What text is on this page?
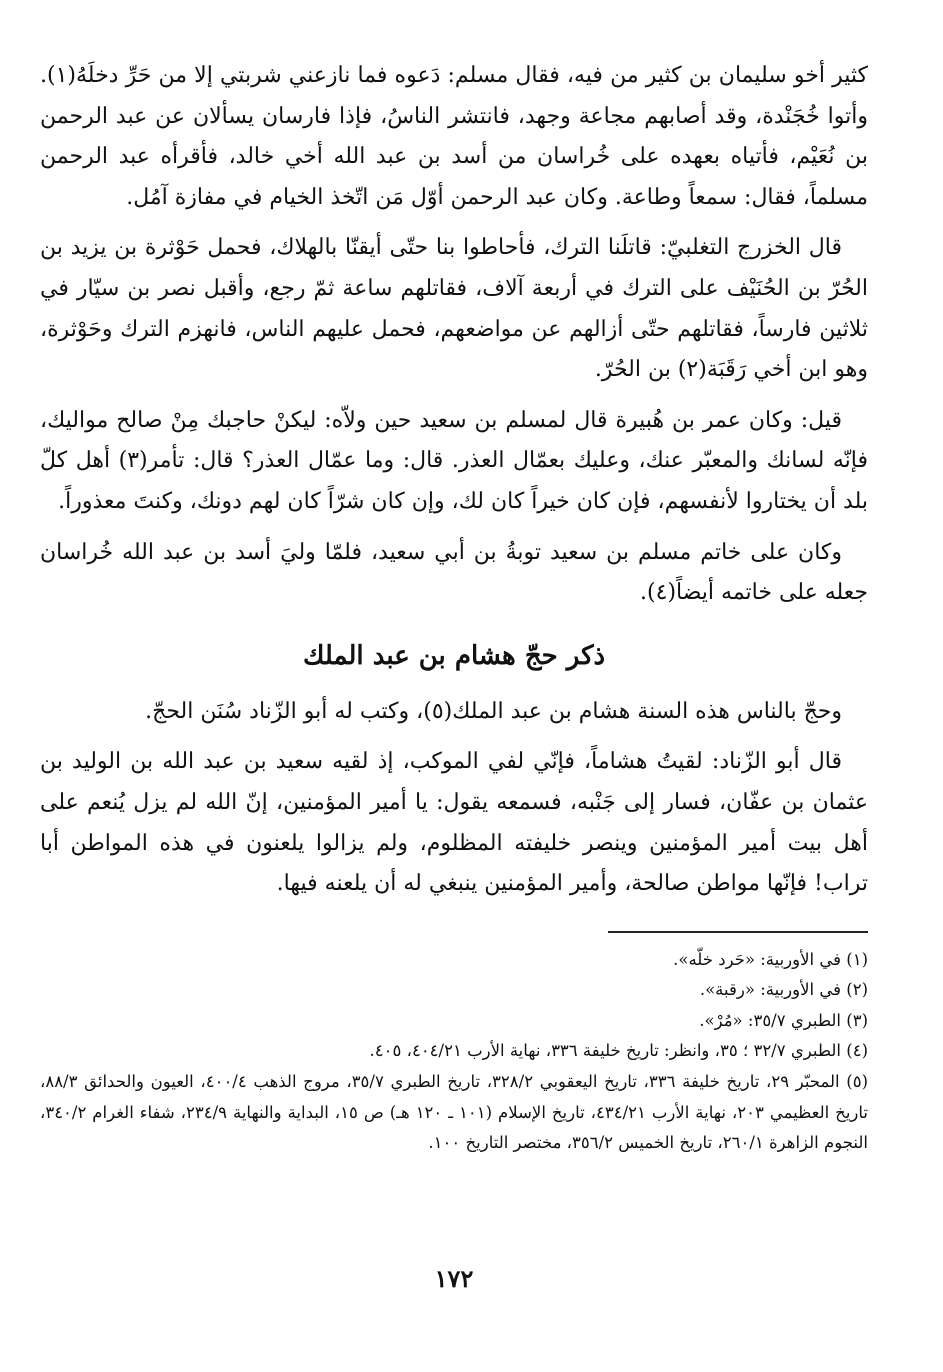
كثير أخو سليمان بن كثير من فيه، فقال مسلم: دَعوه فما نازعني شربتي إلا من حَرِّ دخلَهُ(١). وأتوا خُجَنْدة، وقد أصابهم مجاعة وجهد، فانتشر الناسُ، فإذا فارسان يسألان عن عبد الرحمن بن نُعَيْم، فأتياه بعهده على خُراسان من أسد بن عبد الله أخي خالد، فأقرأه عبد الرحمن مسلماً، فقال: سمعاً وطاعة. وكان عبد الرحمن أوّل مَن اتّخذ الخيام في مفازة آمُل.

قال الخزرج التغلبيّ: قاتلَنا الترك، فأحاطوا بنا حتّى أيقنّا بالهلاك، فحمل حَوْثرة بن يزيد بن الحُرّ بن الحُنَيْف على الترك في أربعة آلاف، فقاتلهم ساعة ثمّ رجع، وأقبل نصر بن سيّار في ثلاثين فارساً، فقاتلهم حتّى أزالهم عن مواضعهم، فحمل عليهم الناس، فانهزم الترك وحَوْثرة، وهو ابن أخي رَقَبَة(٢) بن الحُرّ.

قيل: وكان عمر بن هُبيرة قال لمسلم بن سعيد حين ولاّه: ليكنْ حاجبك مِنْ صالح مواليك، فإنّه لسانك والمعبّر عنك، وعليك بعمّال العذر. قال: وما عمّال العذر؟ قال: تأمر(٣) أهل كلّ بلد أن يختاروا لأنفسهم، فإن كان خيراً كان لك، وإن كان شرّاً كان لهم دونك، وكنتَ معذوراً.

وكان على خاتم مسلم بن سعيد توبةُ بن أبي سعيد، فلمّا وليَ أسد بن عبد الله خُراسان جعله على خاتمه أيضاً(٤).

ذكر حجّ هشام بن عبد الملك

وحجّ بالناس هذه السنة هشام بن عبد الملك(٥)، وكتب له أبو الزّناد سُنَن الحجّ.

قال أبو الزّناد: لقيتُ هشاماً، فإنّي لفي الموكب، إذ لقيه سعيد بن عبد الله بن الوليد بن عثمان بن عفّان، فسار إلى جَنْبه، فسمعه يقول: يا أمير المؤمنين، إنّ الله لم يزل يُنعم على أهل بيت أمير المؤمنين وينصر خليفته المظلوم، ولم يزالوا يلعنون في هذه المواطن أبا تراب! فإنّها مواطن صالحة، وأمير المؤمنين ينبغي له أن يلعنه فيها.

(١) في الأوربية: «حَرد خلّه».
(٢) في الأوربية: «رقبة».
(٣) الطبري ٣٥/٧: «مُرْ».
(٤) الطبري ٣٢/٧ ؛ ٣٥، وانظر: تاريخ خليفة ٣٣٦، نهاية الأرب ٤٠٤/٢١، ٤٠٥.
(٥) المحبّر ٢٩، تاريخ خليفة ٣٣٦، تاريخ اليعقوبي ٣٢٨/٢، تاريخ الطبري ٣٥/٧، مروج الذهب ٤٠٠/٤، العيون والحدائق ٨٨/٣، تاريخ العظيمي ٢٠٣، نهاية الأرب ٤٣٤/٢١، تاريخ الإسلام (١٠١ ـ ١٢٠ هـ) ص ١٥، البداية والنهاية ٢٣٤/٩، شفاء الغرام ٣٤٠/٢، النجوم الزاهرة ٢٦٠/١، تاريخ الخميس ٣٥٦/٢، مختصر التاريخ ١٠٠.
١٧٢
